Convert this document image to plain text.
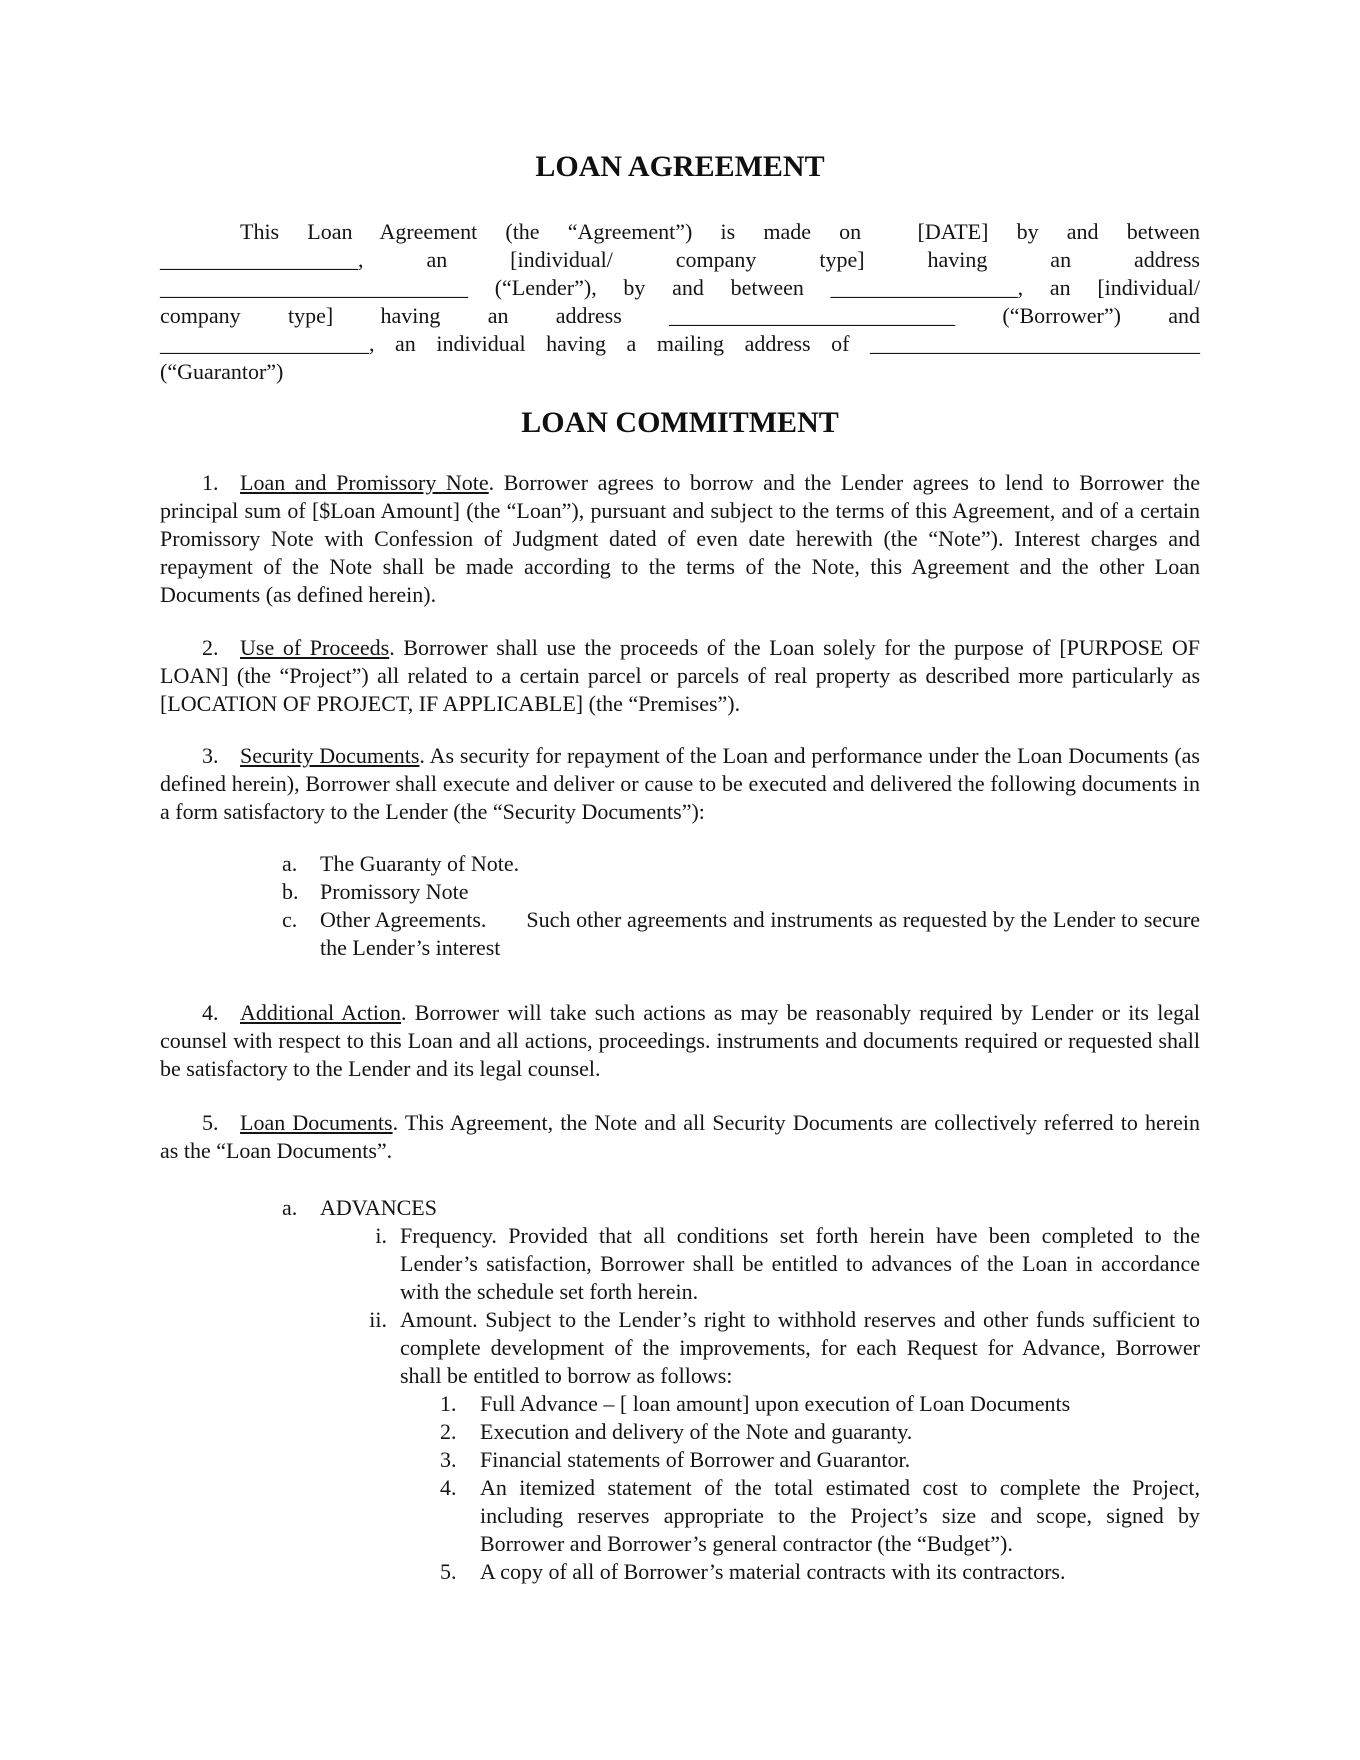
LOAN AGREEMENT
This Loan Agreement (the “Agreement”) is made on  [DATE] by and between
__________________, an [individual/ company type] having an address
____________________________ (“Lender”), by and between _________________, an [individual/
company type] having an address __________________________ (“Borrower”) and
___________________, an individual having a mailing address of ______________________________
(“Guarantor”)
LOAN COMMITMENT

1. Loan and Promissory Note. Borrower agrees to borrow and the Lender agrees to lend to Borrower the principal sum of [$Loan Amount] (the “Loan”), pursuant and subject to the terms of this Agreement, and of a certain Promissory Note with Confession of Judgment dated of even date herewith (the “Note”). Interest charges and repayment of the Note shall be made according to the terms of the Note, this Agreement and the other Loan Documents (as defined herein).

2. Use of Proceeds. Borrower shall use the proceeds of the Loan solely for the purpose of [PURPOSE OF LOAN] (the “Project”) all related to a certain parcel or parcels of real property as described more particularly as [LOCATION OF PROJECT, IF APPLICABLE] (the “Premises”).

3. Security Documents. As security for repayment of the Loan and performance under the Loan Documents (as defined herein), Borrower shall execute and deliver or cause to be executed and delivered the following documents in a form satisfactory to the Lender (the “Security Documents”):

a. The Guaranty of Note.
b. Promissory Note
c. Other Agreements. Such other agreements and instruments as requested by the Lender to secure the Lender’s interest

4. Additional Action. Borrower will take such actions as may be reasonably required by Lender or its legal counsel with respect to this Loan and all actions, proceedings. instruments and documents required or requested shall be satisfactory to the Lender and its legal counsel.

5. Loan Documents. This Agreement, the Note and all Security Documents are collectively referred to herein as the “Loan Documents”.

a. ADVANCES
i. Frequency. Provided that all conditions set forth herein have been completed to the Lender’s satisfaction, Borrower shall be entitled to advances of the Loan in accordance with the schedule set forth herein.
ii. Amount. Subject to the Lender’s right to withhold reserves and other funds sufficient to complete development of the improvements, for each Request for Advance, Borrower shall be entitled to borrow as follows:
1. Full Advance – [ loan amount] upon execution of Loan Documents
2. Execution and delivery of the Note and guaranty.
3. Financial statements of Borrower and Guarantor.
4. An itemized statement of the total estimated cost to complete the Project, including reserves appropriate to the Project’s size and scope, signed by Borrower and Borrower’s general contractor (the “Budget”).
5. A copy of all of Borrower’s material contracts with its contractors.
